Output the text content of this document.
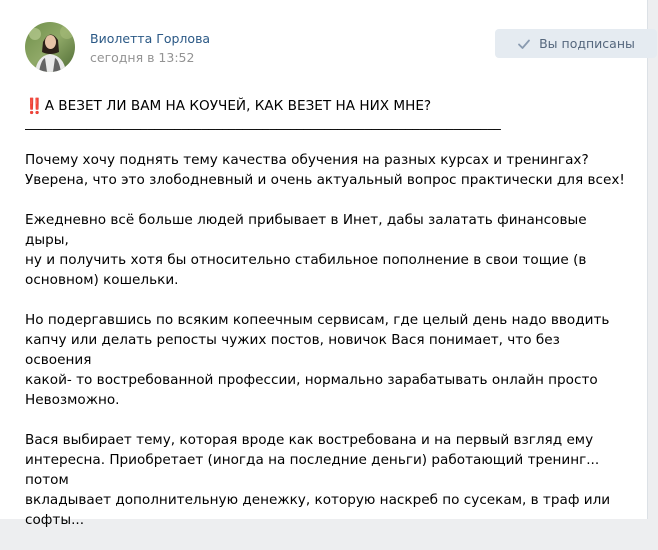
Виолетта Горлова
сегодня в 13:52
Вы подписаны
‼️ А ВЕЗЕТ ЛИ ВАМ НА КОУЧЕЙ, КАК ВЕЗЕТ НА НИХ МНЕ?
______________________________________________________________________

Почему хочу поднять тему качества обучения на разных курсах и тренингах?
Уверена, что это злободневный и очень актуальный вопрос практически для всех!

Ежедневно всё больше людей прибывает в Инет, дабы залатать финансовые дыры,
ну и получить хотя бы относительно стабильное пополнение в свои тощие (в
основном) кошельки.

Но подергавшись по всяким копеечным сервисам, где целый день надо вводить
капчу или делать репосты чужих постов, новичок Вася понимает, что без освоения
какой- то востребованной профессии, нормально зарабатывать онлайн просто
Невозможно.

Вася выбирает тему, которая вроде как востребована и на первый взгляд ему
интересна. Приобретает (иногда на последние деньги) работающий тренинг... потом
вкладывает дополнительную денежку, которую наскреб по сусекам, в траф или
софты...
